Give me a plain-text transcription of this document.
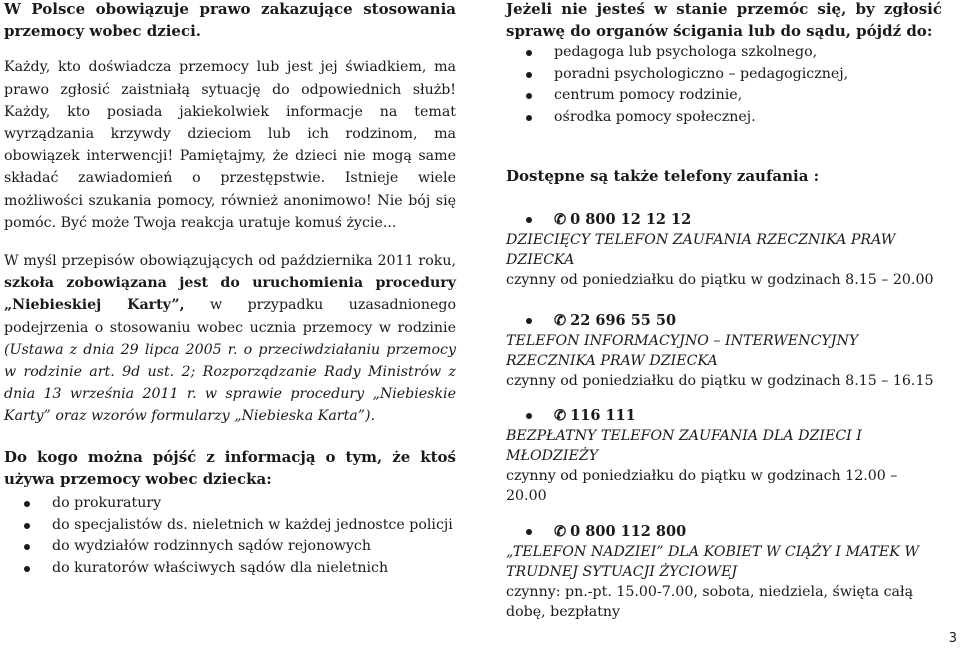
W Polsce obowiązuje prawo zakazujące stosowania przemocy wobec dzieci.

Każdy, kto doświadcza przemocy lub jest jej świadkiem, ma prawo zgłosić zaistniałą sytuację do odpowiednich służb! Każdy, kto posiada jakiekolwiek informacje na temat wyrządzania krzywdy dzieciom lub ich rodzinom, ma obowiązek interwencji! Pamiętajmy, że dzieci nie mogą same składać zawiadomień o przestępstwie. Istnieje wiele możliwości szukania pomocy, również anonimowo! Nie bój się pomóc. Być może Twoja reakcja uratuje komuś życie...

W myśl przepisów obowiązujących od października 2011 roku, szkoła zobowiązana jest do uruchomienia procedury „Niebieskiej Karty”, w przypadku uzasadnionego podejrzenia o stosowaniu wobec ucznia przemocy w rodzinie (Ustawa z dnia 29 lipca 2005 r. o przeciwdziałaniu przemocy w rodzinie art. 9d ust. 2; Rozporządzanie Rady Ministrów z dnia 13 września 2011 r. w sprawie procedury „Niebieskie Karty” oraz wzorów formularzy „Niebieska Karta”).

Do kogo można pójść z informacją o tym, że ktoś używa przemocy wobec dziecka:

do prokuratury
do specjalistów ds. nieletnich w każdej jednostce policji
do wydziałów rodzinnych sądów rejonowych
do kuratorów właściwych sądów dla nieletnich

Jeżeli nie jesteś w stanie przemóc się, by zgłosić sprawę do organów ścigania lub do sądu, pójdź do:

pedagoga lub psychologa szkolnego,
poradni psychologiczno – pedagogicznej,
centrum pomocy rodzinie,
ośrodka pomocy społecznej.

Dostępne są także telefony zaufania :

✆ 0 800 12 12 12
DZIECIĘCY TELEFON ZAUFANIA RZECZNIKA PRAW DZIECKA
czynny od poniedziałku do piątku w godzinach 8.15 – 20.00
✆ 22 696 55 50
TELEFON INFORMACYJNO – INTERWENCYJNY RZECZNIKA PRAW DZIECKA
czynny od poniedziałku do piątku w godzinach 8.15 – 16.15
✆ 116 111
BEZPŁATNY TELEFON ZAUFANIA DLA DZIECI I MŁODZIEŻY
czynny od poniedziałku do piątku w godzinach 12.00 – 20.00
✆ 0 800 112 800
„TELEFON NADZIEI” DLA KOBIET W CIĄŻY I MATEK W TRUDNEJ SYTUACJI ŻYCIOWEJ
czynny: pn.-pt. 15.00-7.00, sobota, niedziela, święta całą dobę, bezpłatny
3
